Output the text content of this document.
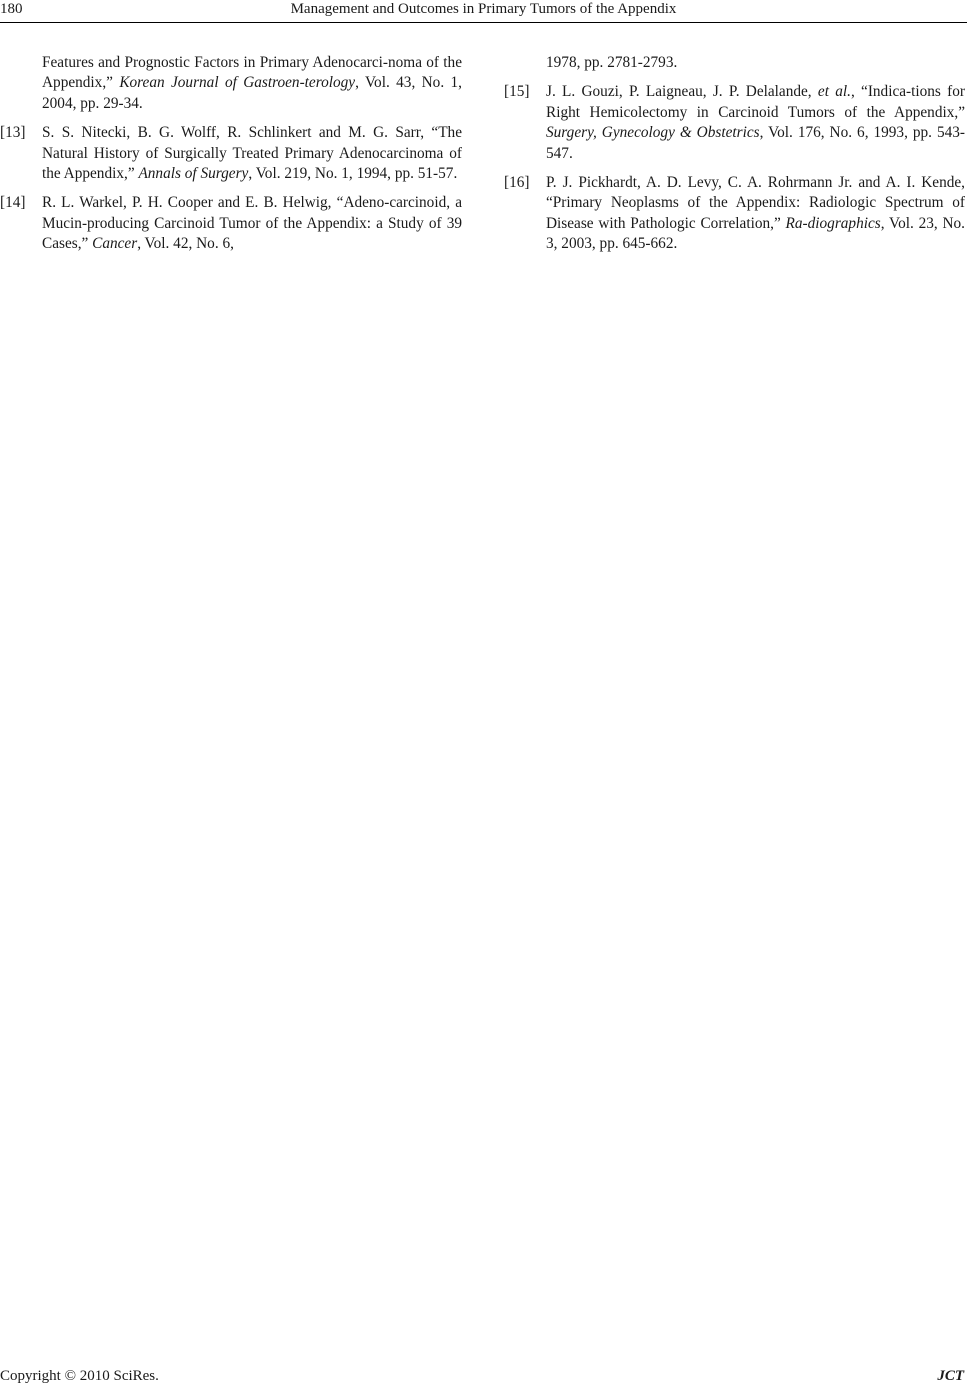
180	Management and Outcomes in Primary Tumors of the Appendix
Features and Prognostic Factors in Primary Adenocarci-noma of the Appendix,” Korean Journal of Gastroen-terology, Vol. 43, No. 1, 2004, pp. 29-34.
[13] S. S. Nitecki, B. G. Wolff, R. Schlinkert and M. G. Sarr, “The Natural History of Surgically Treated Primary Adenocarcinoma of the Appendix,” Annals of Surgery, Vol. 219, No. 1, 1994, pp. 51-57.
[14] R. L. Warkel, P. H. Cooper and E. B. Helwig, “Adeno-carcinoid, a Mucin-producing Carcinoid Tumor of the Appendix: a Study of 39 Cases,” Cancer, Vol. 42, No. 6,
1978, pp. 2781-2793.
[15] J. L. Gouzi, P. Laigneau, J. P. Delalande, et al., “Indica-tions for Right Hemicolectomy in Carcinoid Tumors of the Appendix,” Surgery, Gynecology & Obstetrics, Vol. 176, No. 6, 1993, pp. 543-547.
[16] P. J. Pickhardt, A. D. Levy, C. A. Rohrmann Jr. and A. I. Kende, “Primary Neoplasms of the Appendix: Radiologic Spectrum of Disease with Pathologic Correlation,” Ra-diographics, Vol. 23, No. 3, 2003, pp. 645-662.
Copyright © 2010 SciRes.	JCT
